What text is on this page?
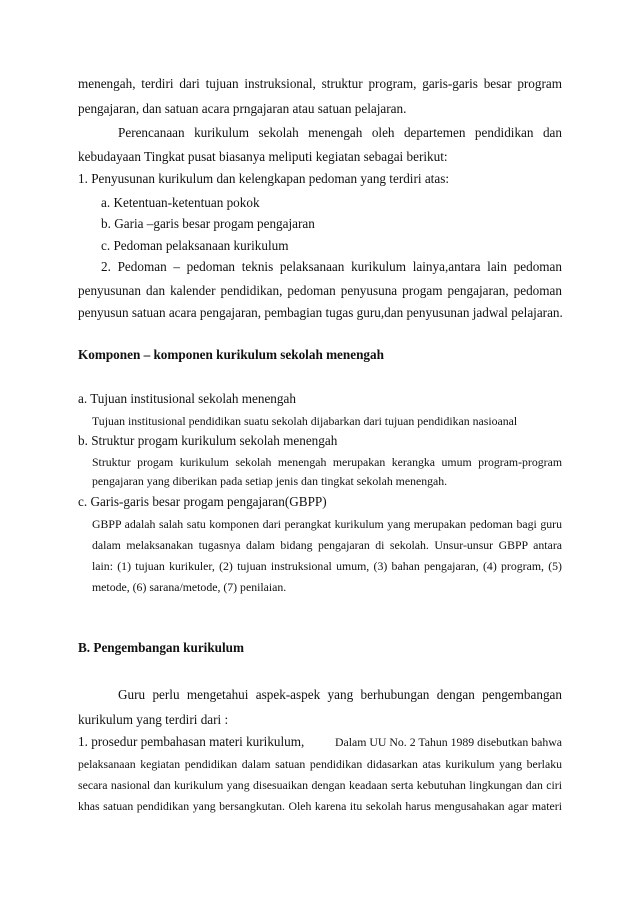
menengah, terdiri dari tujuan instruksional, struktur program, garis-garis besar program
pengajaran, dan satuan acara prngajaran atau satuan pelajaran.
Perencanaan kurikulum sekolah menengah oleh departemen pendidikan dan
kebudayaan Tingkat pusat biasanya meliputi kegiatan sebagai berikut:
1. Penyusunan kurikulum dan kelengkapan pedoman yang terdiri atas:
a. Ketentuan-ketentuan pokok
b. Garia –garis besar progam pengajaran
c. Pedoman pelaksanaan kurikulum
2. Pedoman – pedoman teknis pelaksanaan kurikulum lainya,antara lain pedoman
penyusunan dan kalender pendidikan, pedoman penyusuna progam pengajaran, pedoman
penyusun satuan acara pengajaran, pembagian tugas guru,dan penyusunan jadwal pelajaran.
Komponen – komponen kurikulum sekolah menengah
a. Tujuan institusional sekolah menengah
Tujuan institusional pendidikan suatu sekolah dijabarkan dari tujuan pendidikan nasioanal
b. Struktur progam kurikulum sekolah menengah
Struktur progam kurikulum sekolah menengah merupakan kerangka umum program-program
pengajaran yang diberikan pada setiap jenis dan tingkat sekolah menengah.
c. Garis-garis besar progam pengajaran(GBPP)
GBPP adalah salah satu komponen dari perangkat kurikulum yang merupakan pedoman bagi guru
dalam melaksanakan tugasnya dalam bidang pengajaran di sekolah. Unsur-unsur GBPP antara
lain: (1) tujuan kurikuler, (2) tujuan instruksional umum, (3) bahan pengajaran, (4) program, (5)
metode, (6) sarana/metode, (7) penilaian.
B. Pengembangan kurikulum
Guru perlu mengetahui aspek-aspek yang berhubungan dengan pengembangan
kurikulum yang terdiri dari :
1. prosedur pembahasan materi kurikulum,	Dalam UU No. 2 Tahun 1989 disebutkan bahwa
pelaksanaan kegiatan pendidikan dalam satuan pendidikan didasarkan atas kurikulum yang berlaku
secara nasional dan kurikulum yang disesuaikan dengan keadaan serta kebutuhan lingkungan dan ciri
khas satuan pendidikan yang bersangkutan. Oleh karena itu sekolah harus mengusahakan agar materi
